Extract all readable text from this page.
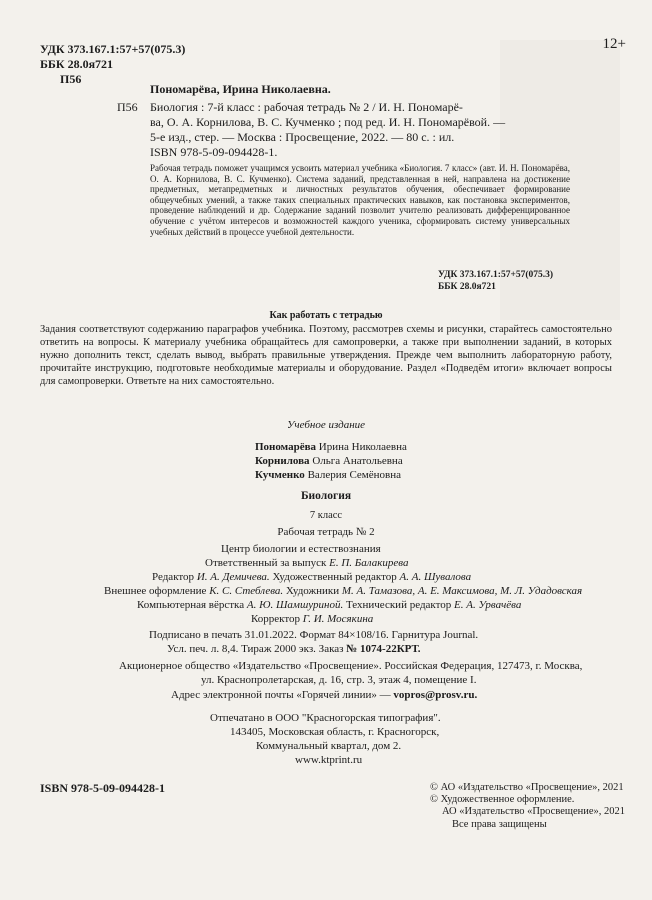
УДК 373.167.1:57+57(075.3)
ББК 28.0я721
П56
12+
Пономарёва, Ирина Николаевна.
П56 Биология : 7-й класс : рабочая тетрадь № 2 / И. Н. Пономарё-
ва, О. А. Корнилова, В. С. Кучменко ; под ред. И. Н. Пономарёвой. —
5-е изд., стер. — Москва : Просвещение, 2022. — 80 с. : ил.
ISBN 978-5-09-094428-1.
Рабочая тетрадь поможет учащимся усвоить материал учебника «Биология. 7 класс» (авт. И. Н. Пономарёва, О. А. Корнилова, В. С. Кучменко). Система заданий, представленная в ней, направлена на достижение предметных, метапредметных и личностных результатов обучения, обеспечивает формирование общеучебных умений, а также таких специальных практических навыков, как постановка экспериментов, проведение наблюдений и др. Содержание заданий позволит учителю реализовать дифференцированное обучение с учётом интересов и возможностей каждого ученика, сформировать систему универсальных учебных действий в процессе учебной деятельности.
УДК 373.167.1:57+57(075.3)
ББК 28.0я721
Как работать с тетрадью
Задания соответствуют содержанию параграфов учебника. Поэтому, рассмотрев схемы и рисунки, старайтесь самостоятельно ответить на вопросы. К материалу учебника обращайтесь для самопроверки, а также при выполнении заданий, в которых нужно дополнить текст, сделать вывод, выбрать правильные утверждения. Прежде чем выполнить лабораторную работу, прочитайте инструкцию, подготовьте необходимые материалы и оборудование. Раздел «Подведём итоги» включает вопросы для самопроверки. Ответьте на них самостоятельно.
Учебное издание
Пономарёва Ирина Николаевна
Корнилова Ольга Анатольевна
Кучменко Валерия Семёновна
Биология
7 класс
Рабочая тетрадь № 2
Центр биологии и естествознания
Ответственный за выпуск Е. П. Балакирева
Редактор И. А. Демичева. Художественный редактор А. А. Шувалова
Внешнее оформление К. С. Стеблева. Художники М. А. Тамазова, А. Е. Максимова, М. Л. Удадовская
Компьютерная вёрстка А. Ю. Шамшуриной. Технический редактор Е. А. Урвачёва
Корректор Г. И. Мосякина
Подписано в печать 31.01.2022. Формат 84×108/16. Гарнитура Journal.
Усл. печ. л. 8,4. Тираж 2000 экз. Заказ № 1074-22КРТ.
Акционерное общество «Издательство «Просвещение». Российская Федерация, 127473, г. Москва,
ул. Краснопролетарская, д. 16, стр. 3, этаж 4, помещение I.
Адрес электронной почты «Горячей линии» — vopros@prosv.ru.
Отпечатано в ООО "Красногорская типография".
143405, Московская область, г. Красногорск,
Коммунальный квартал, дом 2.
www.ktprint.ru
ISBN 978-5-09-094428-1	© АО «Издательство «Просвещение», 2021
© Художественное оформление.
АО «Издательство «Просвещение», 2021
Все права защищены
